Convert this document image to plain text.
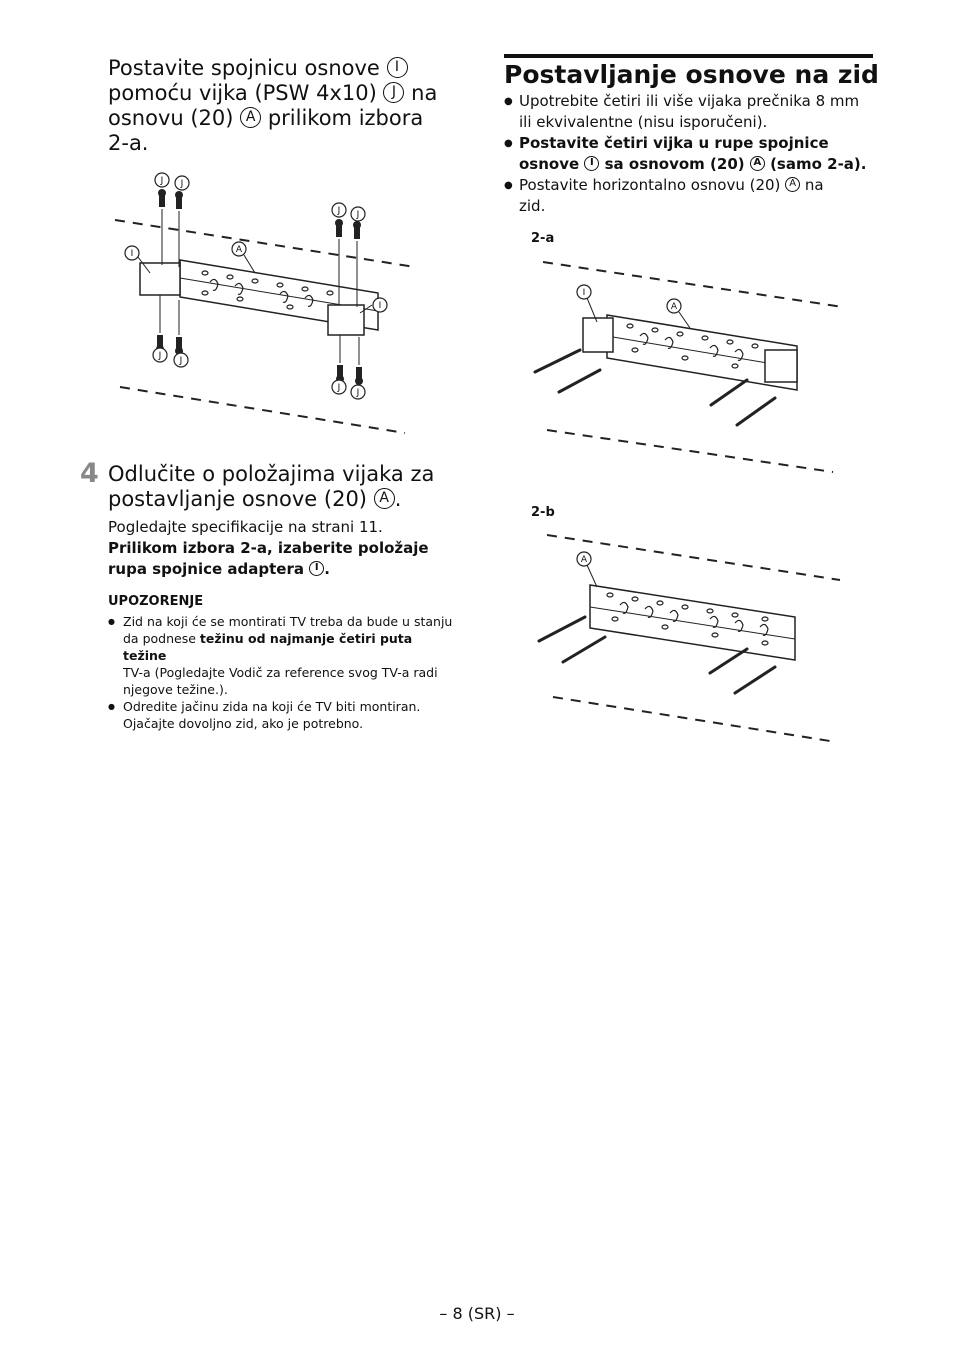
Postavite spojnicu osnove I
pomoću vijka (PSW 4x10) J na
osnovu (20) A prilikom izbora
2-a.
J J
J J
J J
J J
I	A
I
4 Odlučite o položajima vijaka za
postavljanje osnove (20) A .
Pogledajte specifikacije na strani 11.
Prilikom izbora 2-a, izaberite položaje
rupa spojnice adaptera I .
UPOZORENJE
● Zid na koji će se montirati TV treba da bude u stanju
da podnese težinu od najmanje četiri puta težine
TV-a (Pogledajte Vodič za reference svog TV-a radi
njegove težine.).
● Odredite jačinu zida na koji će TV biti montiran.
Ojačajte dovoljno zid, ako je potrebno.
Postavljanje osnove na zid
● Upotrebite četiri ili više vijaka prečnika 8 mm
ili ekvivalentne (nisu isporučeni).
● Postavite četiri vijka u rupe spojnice
osnove I sa osnovom (20) A (samo 2-a).
● Postavite horizontalno osnovu (20) A na
zid.
2-a
I
A
2-b
A
– 8 (SR) –
